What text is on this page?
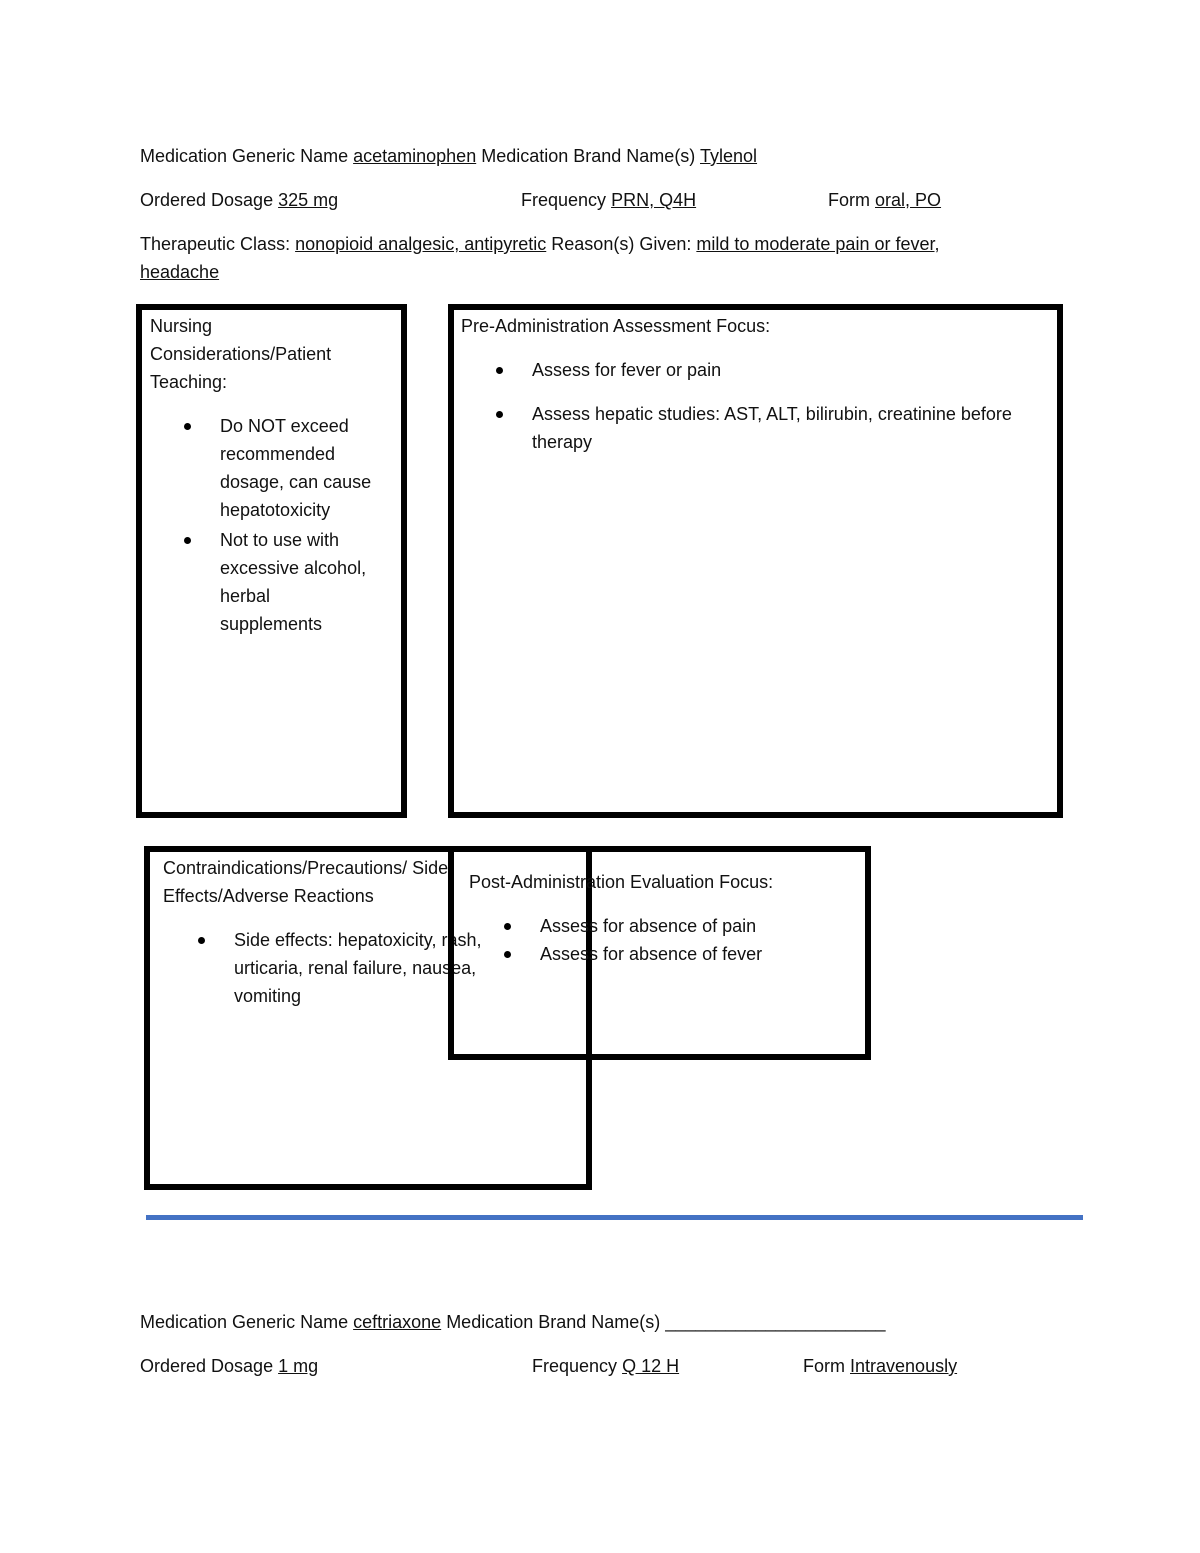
Medication Generic Name acetaminophen Medication Brand Name(s) Tylenol
Ordered Dosage 325 mg	Frequency PRN, Q4H	Form oral, PO
Therapeutic Class: nonopioid analgesic, antipyretic Reason(s) Given: mild to moderate pain or fever,
headache
Nursing
Considerations/Patient
Teaching:
Do NOT exceed
recommended
dosage, can cause
hepatotoxicity
Not to use with
excessive alcohol,
herbal
supplements
Pre-Administration Assessment Focus:
Assess for fever or pain
Assess hepatic studies: AST, ALT, bilirubin, creatinine before
therapy
Contraindications/Precautions/ Side
Effects/Adverse Reactions
Side effects: hepatoxicity, rash,
urticaria, renal failure, nausea,
vomiting
Post-Administration Evaluation Focus:
Assess for absence of pain
Assess for absence of fever
Medication Generic Name ceftriaxone Medication Brand Name(s) ______________________
Ordered Dosage 1 mg	Frequency Q 12 H	Form Intravenously
